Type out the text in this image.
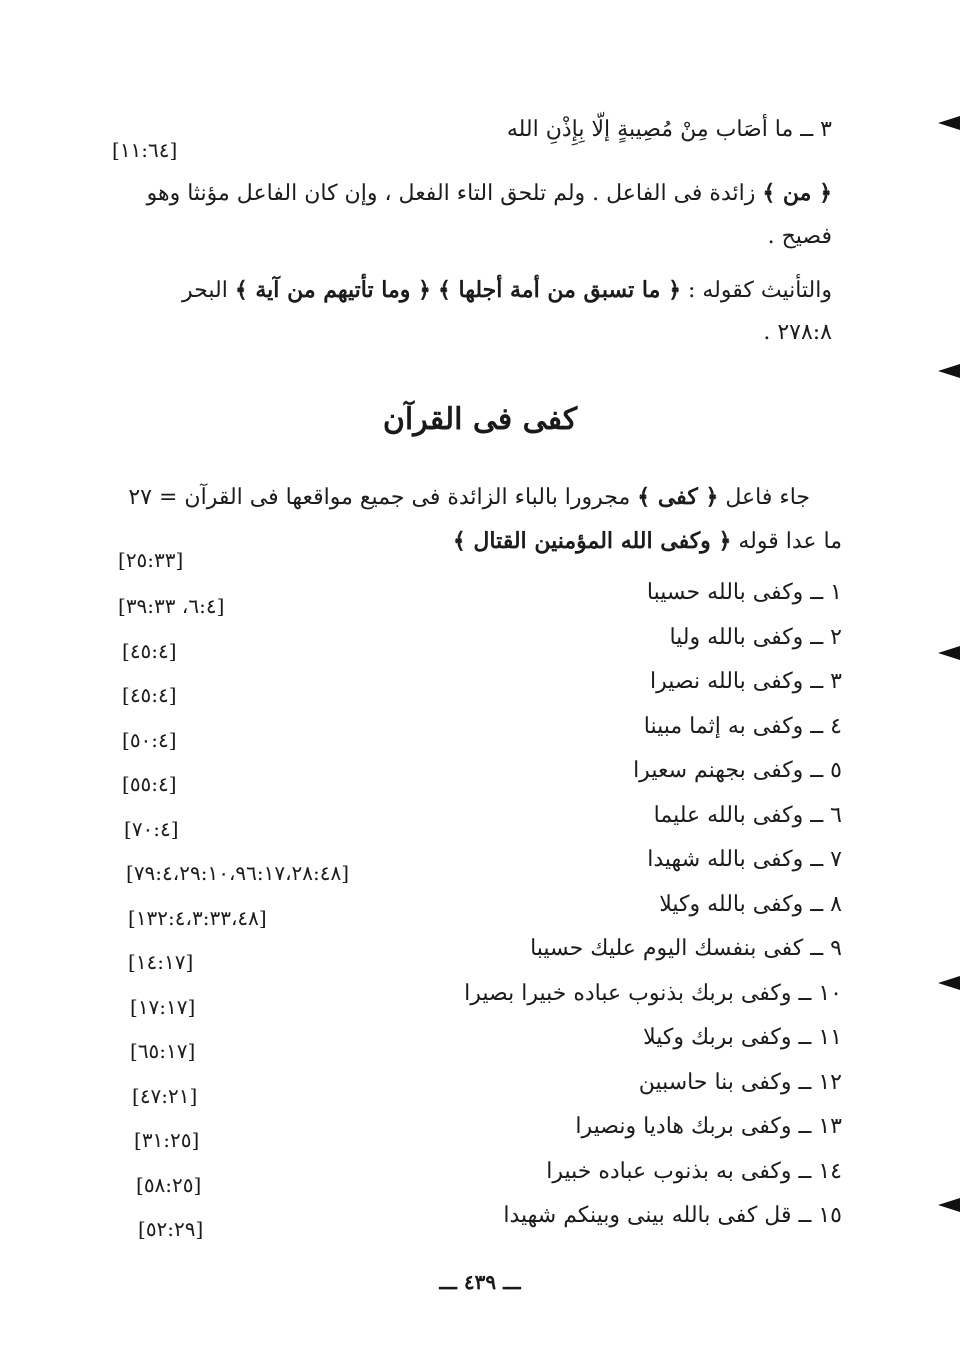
٣ ــ ما أصَاب مِنْ مُصِيبةٍ إلّا بِإِذْنِ الله
[١١:٦٤]
﴿ من ﴾ زائدة فى الفاعل . ولم تلحق التاء الفعل ، وإن كان الفاعل مؤنثا وهو
فصيح .
والتأنيث كقوله : ﴿ ما تسبق من أمة أجلها ﴾ ﴿ وما تأتيهم من آية ﴾ البحر
٢٧٨:٨ .
كفى فى القرآن
جاء فاعل ﴿ كفى ﴾ مجرورا بالباء الزائدة فى جميع مواقعها فى القرآن = ٢٧
ما عدا قوله ﴿ وكفى الله المؤمنين القتال ﴾
[٢٥:٣٣]
١ ــ وكفى بالله حسيبا
[٦:٤، ٣٩:٣٣]
٢ ــ وكفى بالله وليا
[٤٥:٤]
٣ ــ وكفى بالله نصيرا
[٤٥:٤]
٤ ــ وكفى به إثما مبينا
[٥٠:٤]
٥ ــ وكفى بجهنم سعيرا
[٥٥:٤]
٦ ــ وكفى بالله عليما
[٧٠:٤]
٧ ــ وكفى بالله شهيدا
[٧٩:٤،٢٩:١٠،٩٦:١٧،٢٨:٤٨]
٨ ــ وكفى بالله وكيلا
[١٣٢:٤،٣:٣٣،٤٨]
٩ ــ كفى بنفسك اليوم عليك حسيبا
[١٤:١٧]
١٠ ــ وكفى بربك بذنوب عباده خبيرا بصيرا
[١٧:١٧]
١١ ــ وكفى بربك وكيلا
[٦٥:١٧]
١٢ ــ وكفى بنا حاسبين
[٤٧:٢١]
١٣ ــ وكفى بربك هاديا ونصيرا
[٣١:٢٥]
١٤ ــ وكفى به بذنوب عباده خبيرا
[٥٨:٢٥]
١٥ ــ قل كفى بالله بينى وبينكم شهيدا
[٥٢:٢٩]
ـــ ٤٣٩ ـــ
